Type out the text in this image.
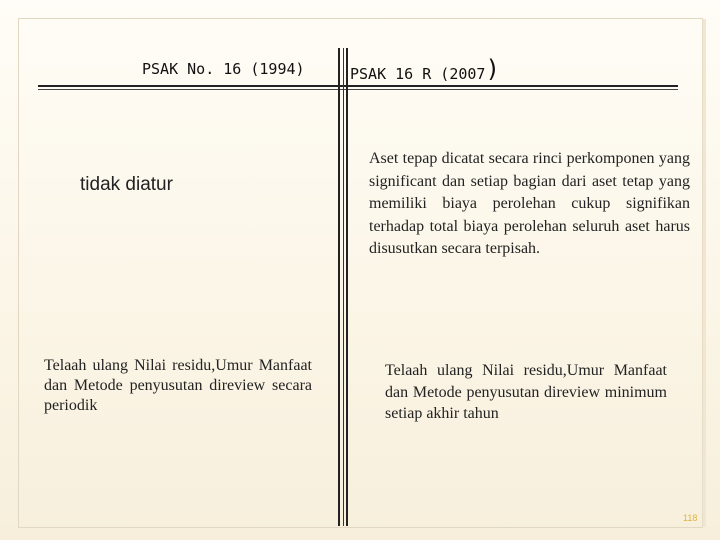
PSAK No. 16 (1994)	PSAK 16 R (2007)
tidak diatur
Aset tepap dicatat secara rinci perkomponen yang significant dan setiap bagian dari aset tetap yang memiliki biaya perolehan cukup signifikan terhadap total biaya perolehan seluruh aset harus disusutkan secara terpisah.
Telaah ulang Nilai residu,Umur Manfaat dan Metode penyusutan direview secara periodik
Telaah ulang Nilai residu,Umur Manfaat dan Metode penyusutan direview minimum setiap akhir tahun
118
